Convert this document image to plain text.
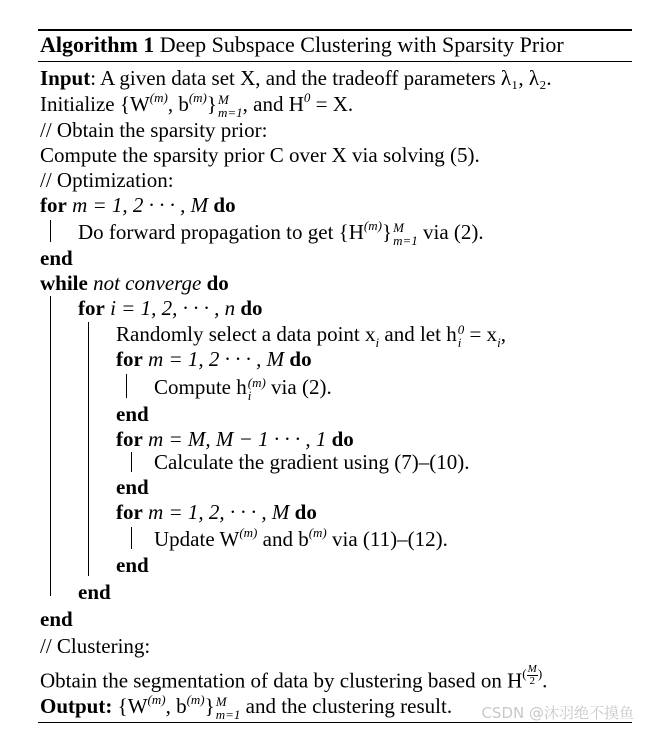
Algorithm 1 Deep Subspace Clustering with Sparsity Prior
Input: A given data set X, and the tradeoff parameters λ₁, λ₂.
Initialize {$W^{(m)}$, $b^{(m)}$} M
m=1 , and $H^0 = X$.
// Obtain the sparsity prior:
Compute the sparsity prior C over X via solving (5).
// Optimization:
for m = 1, 2 · · · , M do
Do forward propagation to get $\{H^{(m)}\}$ M
m=1 via (2).
end
while not converge do
for i = 1, 2, · · · , n do
Randomly select a data point $x_i$ and let h 0
$i = x_i$,
for m = 1, 2 · · · , M do
Compute h (m)
i via (2).
end
for m = M, M − 1 · · · , 1 do
Calculate the gradient using (7)–(10).
end
for m = 1, 2, · · · , M do
Update $W^{(m)}$ and $b^{(m)}$ via (11)–(12).
end
end
end
// Clustering:
Obtain the segmentation of data by clustering based on $H^{( \frac{M}{2} )}$.
Output: {$W^{(m)}$, $b^{(m)}$} M
m=1 and the clustering result. CSDN @沐羽绝不摸鱼
